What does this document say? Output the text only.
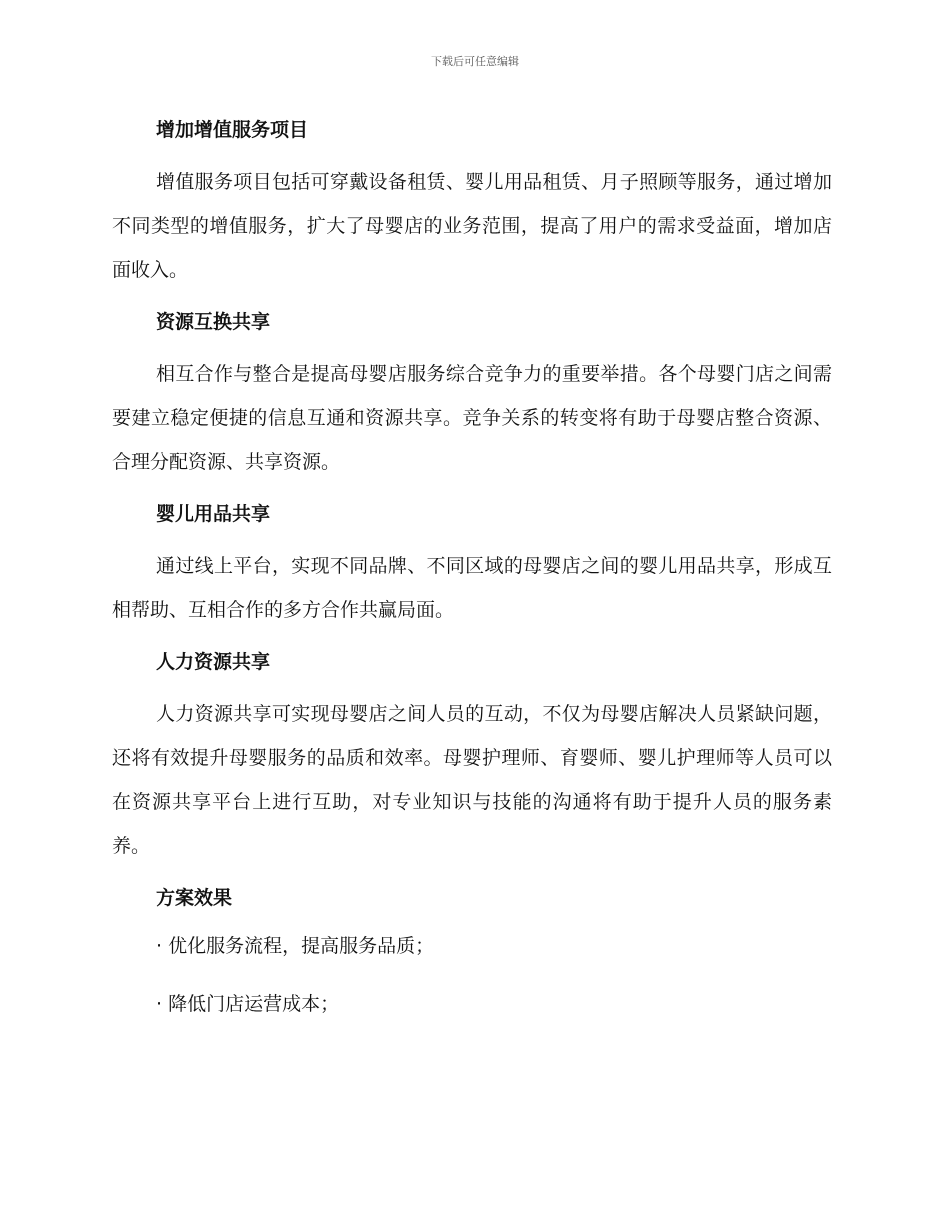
下载后可任意编辑
增加增值服务项目
增值服务项目包括可穿戴设备租赁、婴儿用品租赁、月子照顾等服务，通过增加不同类型的增值服务，扩大了母婴店的业务范围，提高了用户的需求受益面，增加店面收入。
资源互换共享
相互合作与整合是提高母婴店服务综合竞争力的重要举措。各个母婴门店之间需要建立稳定便捷的信息互通和资源共享。竞争关系的转变将有助于母婴店整合资源、合理分配资源、共享资源。
婴儿用品共享
通过线上平台，实现不同品牌、不同区域的母婴店之间的婴儿用品共享，形成互相帮助、互相合作的多方合作共赢局面。
人力资源共享
人力资源共享可实现母婴店之间人员的互动，不仅为母婴店解决人员紧缺问题，还将有效提升母婴服务的品质和效率。母婴护理师、育婴师、婴儿护理师等人员可以在资源共享平台上进行互助，对专业知识与技能的沟通将有助于提升人员的服务素养。
方案效果
· 优化服务流程，提高服务品质；
· 降低门店运营成本；
